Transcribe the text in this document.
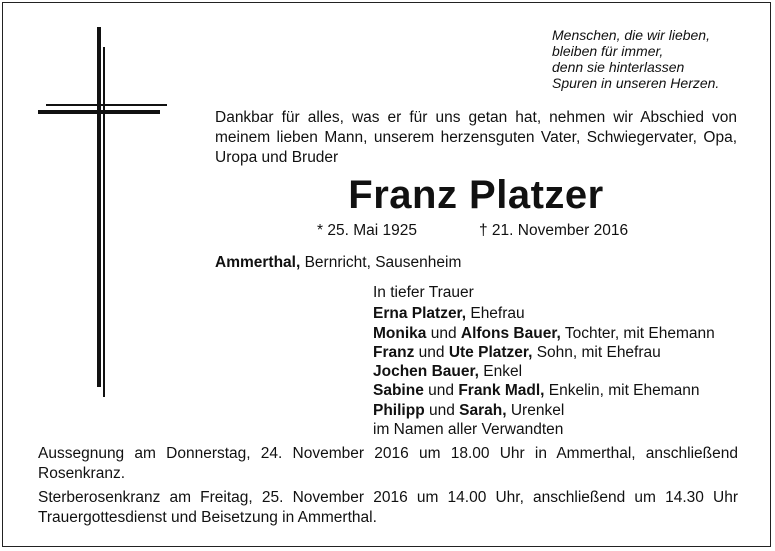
Menschen, die wir lieben,
bleiben für immer,
denn sie hinterlassen
Spuren in unseren Herzen.
Dankbar für alles, was er für uns getan hat, nehmen wir Abschied von meinem lieben Mann, unserem herzensguten Vater, Schwiegervater, Opa, Uropa und Bruder
Franz Platzer
* 25. Mai 1925	† 21. November 2016
Ammerthal, Bernricht, Sausenheim
In tiefer Trauer
Erna Platzer, Ehefrau
Monika und Alfons Bauer, Tochter, mit Ehemann
Franz und Ute Platzer, Sohn, mit Ehefrau
Jochen Bauer, Enkel
Sabine und Frank Madl, Enkelin, mit Ehemann
Philipp und Sarah, Urenkel
im Namen aller Verwandten
Aussegnung am Donnerstag, 24. November 2016 um 18.00 Uhr in Ammerthal, anschließend Rosenkranz.
Sterberosenkranz am Freitag, 25. November 2016 um 14.00 Uhr, anschließend um 14.30 Uhr Trauergottesdienst und Beisetzung in Ammerthal.
